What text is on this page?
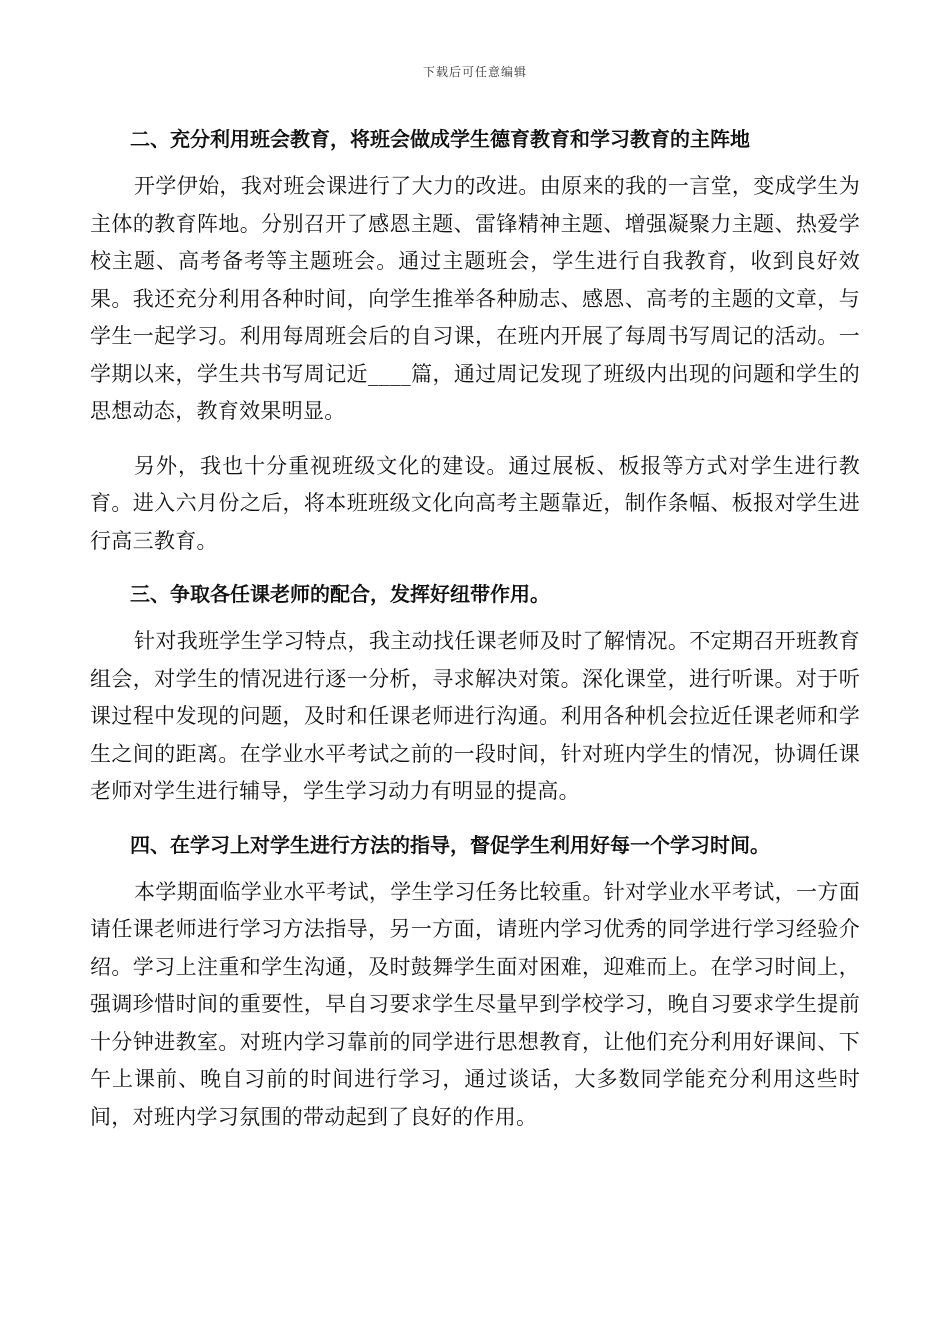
下载后可任意编辑
二、充分利用班会教育，将班会做成学生德育教育和学习教育的主阵地

开学伊始，我对班会课进行了大力的改进。由原来的我的一言堂，变成学生为主体的教育阵地。分别召开了感恩主题、雷锋精神主题、增强凝聚力主题、热爱学校主题、高考备考等主题班会。通过主题班会，学生进行自我教育，收到良好效果。我还充分利用各种时间，向学生推举各种励志、感恩、高考的主题的文章，与学生一起学习。利用每周班会后的自习课，在班内开展了每周书写周记的活动。一学期以来，学生共书写周记近____篇，通过周记发现了班级内出现的问题和学生的思想动态，教育效果明显。

另外，我也十分重视班级文化的建设。通过展板、板报等方式对学生进行教育。进入六月份之后，将本班班级文化向高考主题靠近，制作条幅、板报对学生进行高三教育。

三、争取各任课老师的配合，发挥好纽带作用。

针对我班学生学习特点，我主动找任课老师及时了解情况。不定期召开班教育组会，对学生的情况进行逐一分析，寻求解决对策。深化课堂，进行听课。对于听课过程中发现的问题，及时和任课老师进行沟通。利用各种机会拉近任课老师和学生之间的距离。在学业水平考试之前的一段时间，针对班内学生的情况，协调任课老师对学生进行辅导，学生学习动力有明显的提高。

四、在学习上对学生进行方法的指导，督促学生利用好每一个学习时间。

本学期面临学业水平考试，学生学习任务比较重。针对学业水平考试，一方面请任课老师进行学习方法指导，另一方面，请班内学习优秀的同学进行学习经验介绍。学习上注重和学生沟通，及时鼓舞学生面对困难，迎难而上。在学习时间上，强调珍惜时间的重要性，早自习要求学生尽量早到学校学习，晚自习要求学生提前十分钟进教室。对班内学习靠前的同学进行思想教育，让他们充分利用好课间、下午上课前、晚自习前的时间进行学习，通过谈话，大多数同学能充分利用这些时间，对班内学习氛围的带动起到了良好的作用。
